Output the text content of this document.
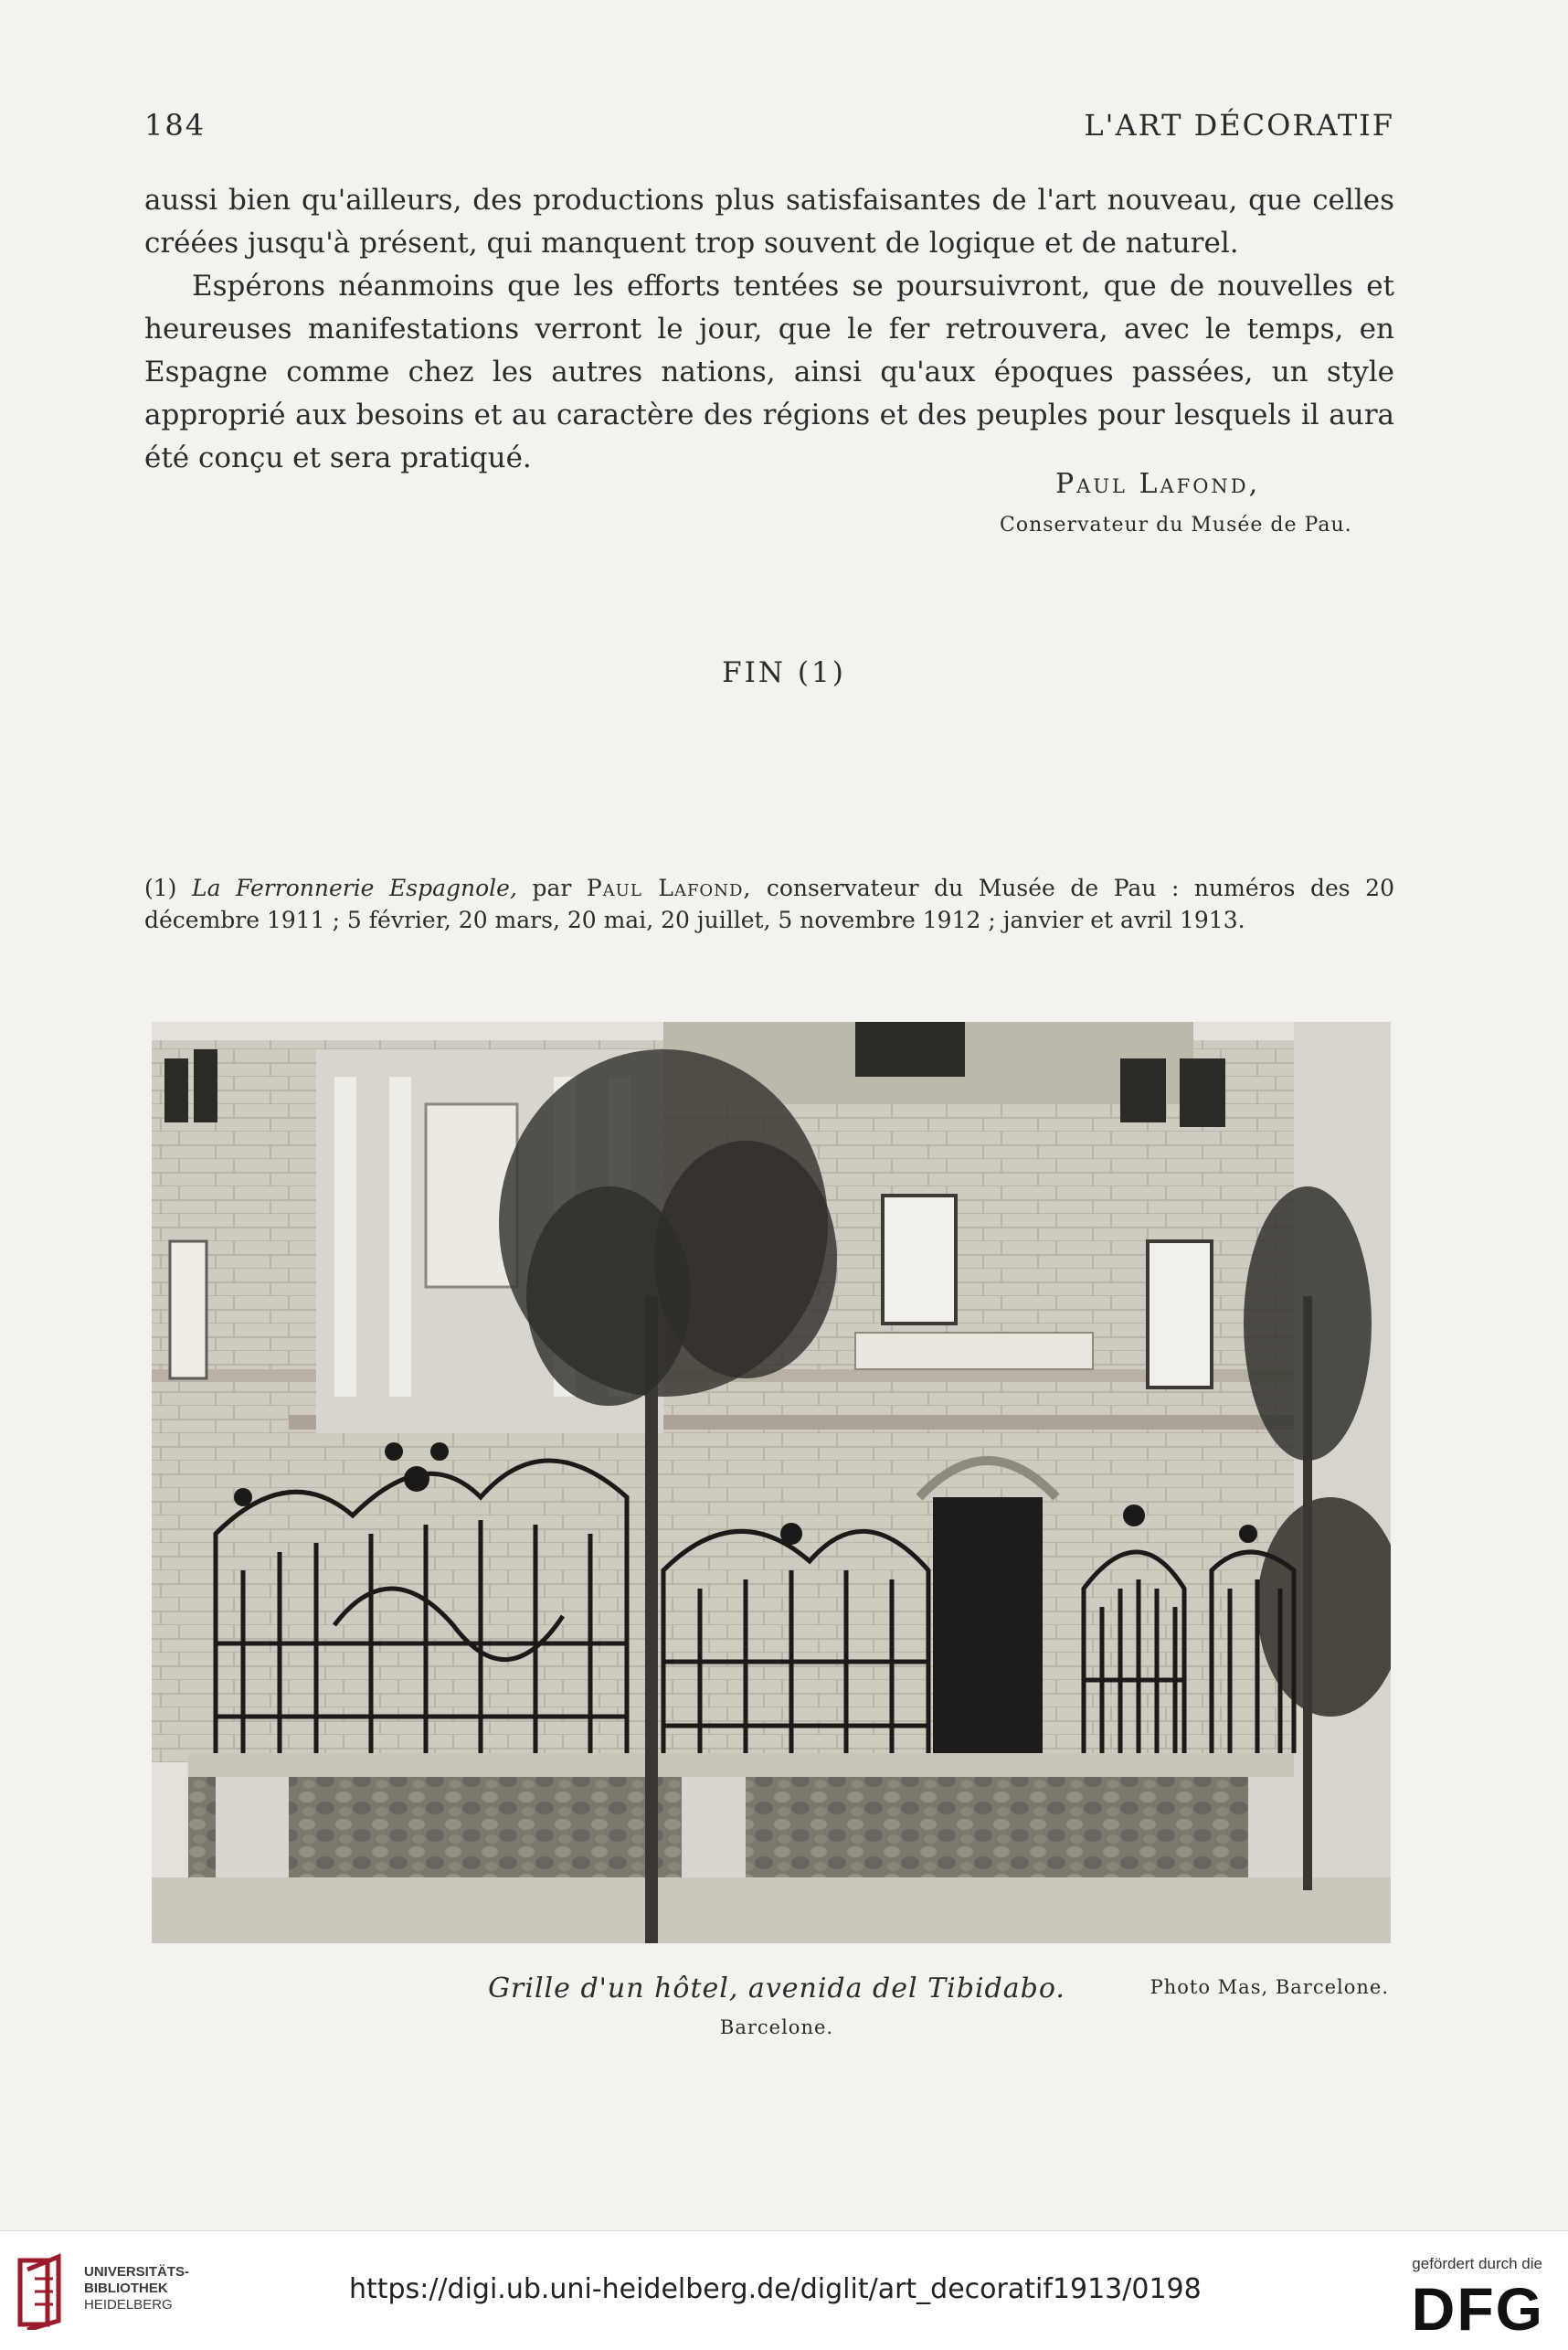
184	L'ART DÉCORATIF

aussi bien qu'ailleurs, des productions plus satisfaisantes de l'art nouveau, que celles créées jusqu'à présent, qui manquent trop souvent de logique et de naturel.

Espérons néanmoins que les efforts tentées se poursuivront, que de nouvelles et heureuses manifestations verront le jour, que le fer retrouvera, avec le temps, en Espagne comme chez les autres nations, ainsi qu'aux époques passées, un style approprié aux besoins et au caractère des régions et des peuples pour lesquels il aura été conçu et sera pratiqué.

Paul Lafond,
Conservateur du Musée de Pau.
FIN (1)
(1) La Ferronnerie Espagnole, par Paul Lafond, conservateur du Musée de Pau : numéros des 20 décembre 1911 ; 5 février, 20 mars, 20 mai, 20 juillet, 5 novembre 1912 ; janvier et avril 1913.
Grille d'un hôtel, avenida del Tibidabo.
Barcelone.
Photo Mas, Barcelone.
UNIVERSITÄTS-
BIBLIOTHEK
HEIDELBERG	https://digi.ub.uni-heidelberg.de/diglit/art_decoratif1913/0198
gefördert durch die
DFG
